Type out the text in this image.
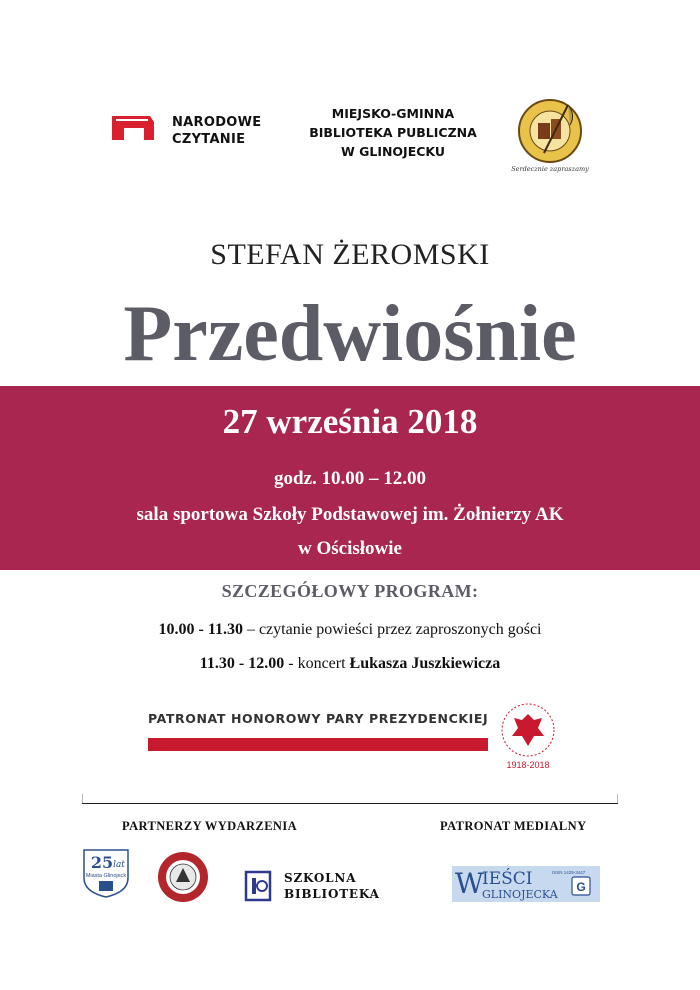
NARODOWE
CZYTANIE
MIEJSKO-GMINNA
BIBLIOTEKA PUBLICZNA
W GLINOJECKU
Serdecznie zapraszamy
STEFAN ŻEROMSKI
Przedwiośnie
27 września 2018
godz. 10.00 – 12.00
sala sportowa Szkoły Podstawowej im. Żołnierzy AK
w Ościsłowie
SZCZEGÓŁOWY PROGRAM:
10.00 - 11.30 – czytanie powieści przez zaproszonych gości
11.30 - 12.00 - koncert Łukasza Juszkiewicza
PATRONAT HONOROWY PARY PREZYDENCKIEJ
1918-2018
PARTNERZY WYDARZENIA	PATRONAT MEDIALNY
25 lat
Miasta Glinojeck	SZKOLNA
BIBLIOTEKA	W
IEŚCI
GLINOJECKA
ISSN 1429-3447
G
